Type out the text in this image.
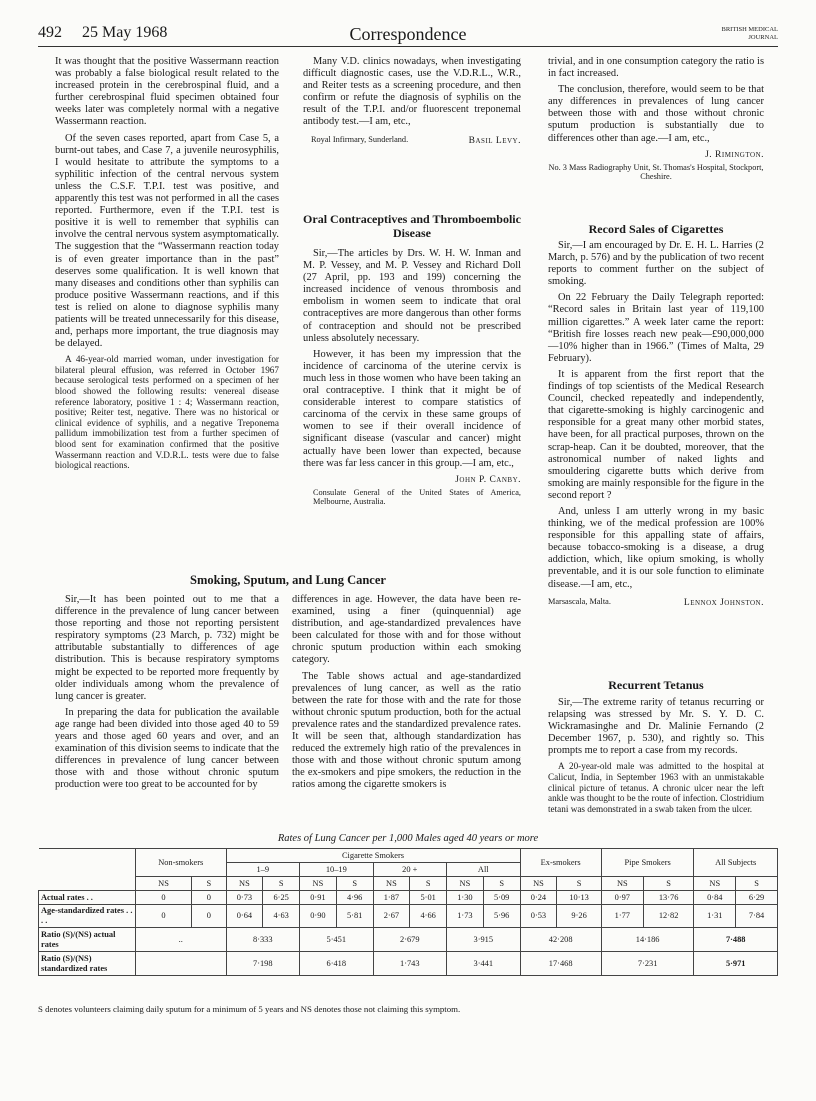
492 25 May 1968	Correspondence	BRITISH MEDICAL JOURNAL

It was thought that the positive Wassermann reaction was probably a false biological result related to the increased protein in the cerebrospinal fluid, and a further cerebrospinal fluid specimen obtained four weeks later was completely normal with a negative Wassermann reaction.

Of the seven cases reported, apart from Case 5, a burnt-out tabes, and Case 7, a juvenile neurosyphilis, I would hesitate to attribute the symptoms to a syphilitic infection of the central nervous system unless the C.S.F. T.P.I. test was positive, and apparently this test was not performed in all the cases reported. Furthermore, even if the T.P.I. test is positive it is well to remember that syphilis can involve the central nervous system asymptomatically. The suggestion that the “Wassermann reaction today is of even greater importance than in the past” deserves some qualification. It is well known that many diseases and conditions other than syphilis can produce positive Wassermann reactions, and if this test is relied on alone to diagnose syphilis many patients will be treated unnecessarily for this disease, and, perhaps more important, the true diagnosis may be delayed.

A 46-year-old married woman, under investigation for bilateral pleural effusion, was referred in October 1967 because serological tests performed on a specimen of her blood showed the following results: venereal disease reference laboratory, positive 1 : 4; Wassermann reaction, positive; Reiter test, negative. There was no historical or clinical evidence of syphilis, and a negative Treponema pallidum immobilization test from a further specimen of blood sent for examination confirmed that the positive Wassermann reaction and V.D.R.L. tests were due to false biological reactions.

Many V.D. clinics nowadays, when investigating difficult diagnostic cases, use the V.D.R.L., W.R., and Reiter tests as a screening procedure, and then confirm or refute the diagnosis of syphilis on the result of the T.P.I. and/or fluorescent treponemal antibody test.—I am, etc.,

Royal Infirmary, Sunderland.	Basil Levy.
Oral Contraceptives and Thromboembolic Disease

Sir,—The articles by Drs. W. H. W. Inman and M. P. Vessey, and M. P. Vessey and Richard Doll (27 April, pp. 193 and 199) concerning the increased incidence of venous thrombosis and embolism in women seem to indicate that oral contraceptives are more dangerous than other forms of contraception and should not be prescribed unless absolutely necessary.

However, it has been my impression that the incidence of carcinoma of the uterine cervix is much less in those women who have been taking an oral contraceptive. I think that it might be of considerable interest to compare statistics of carcinoma of the cervix in these same groups of women to see if their overall incidence of significant disease (vascular and cancer) might actually have been lower than expected, because there was far less cancer in this group.—I am, etc.,

John P. Canby.
Consulate General of the United States of America, Melbourne, Australia.

trivial, and in one consumption category the ratio is in fact increased.

The conclusion, therefore, would seem to be that any differences in prevalences of lung cancer between those with and those without chronic sputum production is substantially due to differences other than age.—I am, etc.,

J. Rimington.
No. 3 Mass Radiography Unit, St. Thomas's Hospital, Stockport, Cheshire.
Record Sales of Cigarettes

Sir,—I am encouraged by Dr. E. H. L. Harries (2 March, p. 576) and by the publication of two recent reports to comment further on the subject of smoking.

On 22 February the Daily Telegraph reported: “Record sales in Britain last year of 119,100 million cigarettes.” A week later came the report: “British fire losses reach new peak—£90,000,000—10% higher than in 1966.” (Times of Malta, 29 February).

It is apparent from the first report that the findings of top scientists of the Medical Research Council, checked repeatedly and independently, that cigarette-smoking is highly carcinogenic and responsible for a great many other morbid states, have been, for all practical purposes, thrown on the scrap-heap. Can it be doubted, moreover, that the astronomical number of naked lights and smouldering cigarette butts which derive from smoking are mainly responsible for the figure in the second report ?

And, unless I am utterly wrong in my basic thinking, we of the medical profession are 100% responsible for this appalling state of affairs, because tobacco-smoking is a disease, a drug addiction, which, like opium smoking, is wholly preventable, and it is our sole function to eliminate disease.—I am, etc.,

Marsascala, Malta.	Lennox Johnston.
Smoking, Sputum, and Lung Cancer

Sir,—It has been pointed out to me that a difference in the prevalence of lung cancer between those reporting and those not reporting persistent respiratory symptoms (23 March, p. 732) might be attributable substantially to differences of age distribution. This is because respiratory symptoms might be expected to be reported more frequently by older individuals among whom the prevalence of lung cancer is greater.

In preparing the data for publication the available age range had been divided into those aged 40 to 59 years and those aged 60 years and over, and an examination of this division seems to indicate that the differences in prevalence of lung cancer between those with and those without chronic sputum production were too great to be accounted for by

differences in age. However, the data have been re-examined, using a finer (quinquennial) age distribution, and age-standardized prevalences have been calculated for those with and for those without chronic sputum production within each smoking category.

The Table shows actual and age-standardized prevalences of lung cancer, as well as the ratio between the rate for those with and the rate for those without chronic sputum production, both for the actual prevalence rates and the standardized prevalence rates. It will be seen that, although standardization has reduced the extremely high ratio of the prevalences in those with and those without chronic sputum among the ex-smokers and pipe smokers, the reduction in the ratios among the cigarette smokers is

Recurrent Tetanus

Sir,—The extreme rarity of tetanus recurring or relapsing was stressed by Mr. S. Y. D. C. Wickramasinghe and Dr. Malinie Fernando (2 December 1967, p. 530), and rightly so. This prompts me to report a case from my records.

A 20-year-old male was admitted to the hospital at Calicut, India, in September 1963 with an unmistakable clinical picture of tetanus. A chronic ulcer near the left ankle was thought to be the route of infection. Clostridium tetani was demonstrated in a swab taken from the ulcer.

Rates of Lung Cancer per 1,000 Males aged 40 years or more
	Non-smokers		Cigarette Smokers								Ex-smokers		Pipe Smokers		All Subjects	
			1–9		10–19		20 +		All							
	NS	S	NS	S	NS	S	NS	S	NS	S	NS	S	NS	S	NS	S
Actual rates . .	0	0	0·73	6·25	0·91	4·96	1·87	5·01	1·30	5·09	0·24	10·13	0·97	13·76	0·84	6·29
Age-standardized rates . . . .	0	0	0·64	4·63	0·90	5·81	2·67	4·66	1·73	5·96	0·53	9·26	1·77	12·82	1·31	7·84
Ratio (S)/(NS) actual rates	..		8·333		5·451		2·679		3·915		42·208		14·186		7·488	
Ratio (S)/(NS) standardized rates			7·198		6·418		1·743		3·441		17·468		7·231		5·971	
S denotes volunteers claiming daily sputum for a minimum of 5 years and NS denotes those not claiming this symptom.
